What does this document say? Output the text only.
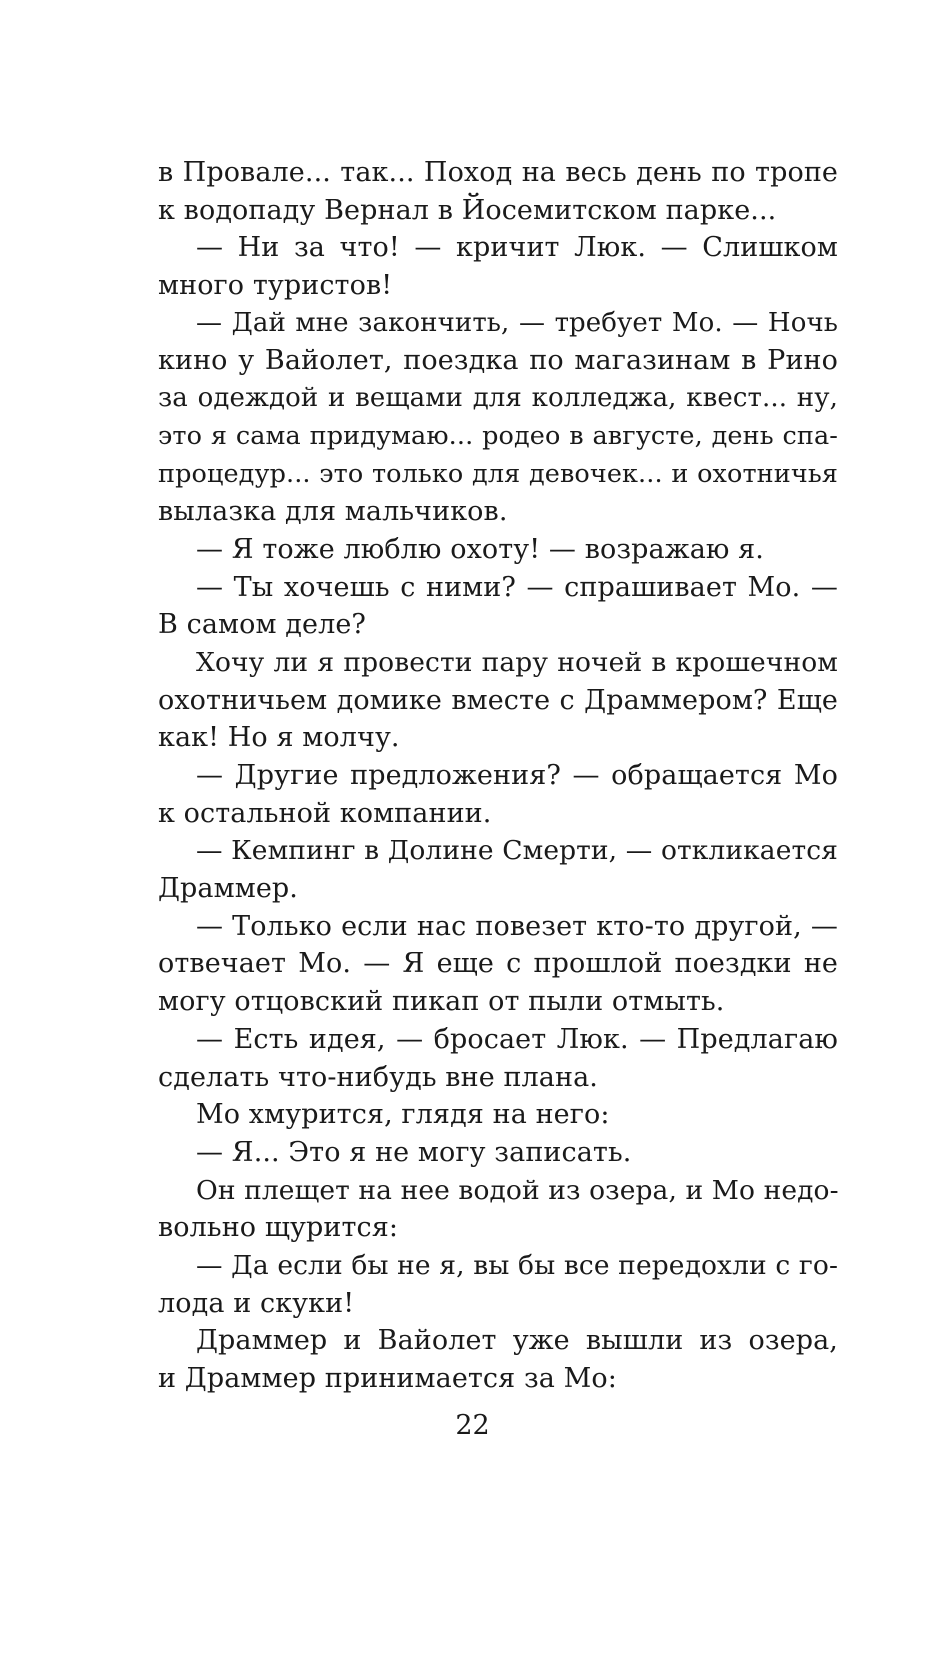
в Провале... так... Поход на весь день по тропе
к водопаду Вернал в Йосемитском парке...
— Ни за что! — кричит Люк. — Слишком
много туристов!
— Дай мне закончить, — требует Мо. — Ночь
кино у Вайолет, поездка по магазинам в Рино
за одеждой и вещами для колледжа, квест... ну,
это я сама придумаю... родео в августе, день спа-
процедур... это только для девочек... и охотничья
вылазка для мальчиков.
— Я тоже люблю охоту! — возражаю я.
— Ты хочешь с ними? — спрашивает Мо. —
В самом деле?
Хочу ли я провести пару ночей в крошечном
охотничьем домике вместе с Драммером? Еще
как! Но я молчу.
— Другие предложения? — обращается Мо
к остальной компании.
— Кемпинг в Долине Смерти, — откликается
Драммер.
— Только если нас повезет кто-то другой, —
отвечает Мо. — Я еще с прошлой поездки не
могу отцовский пикап от пыли отмыть.
— Есть идея, — бросает Люк. — Предлагаю
сделать что-нибудь вне плана.
Мо хмурится, глядя на него:
— Я... Это я не могу записать.
Он плещет на нее водой из озера, и Мо недо-
вольно щурится:
— Да если бы не я, вы бы все передохли с го-
лода и скуки!
Драммер и Вайолет уже вышли из озера,
и Драммер принимается за Мо:
22
